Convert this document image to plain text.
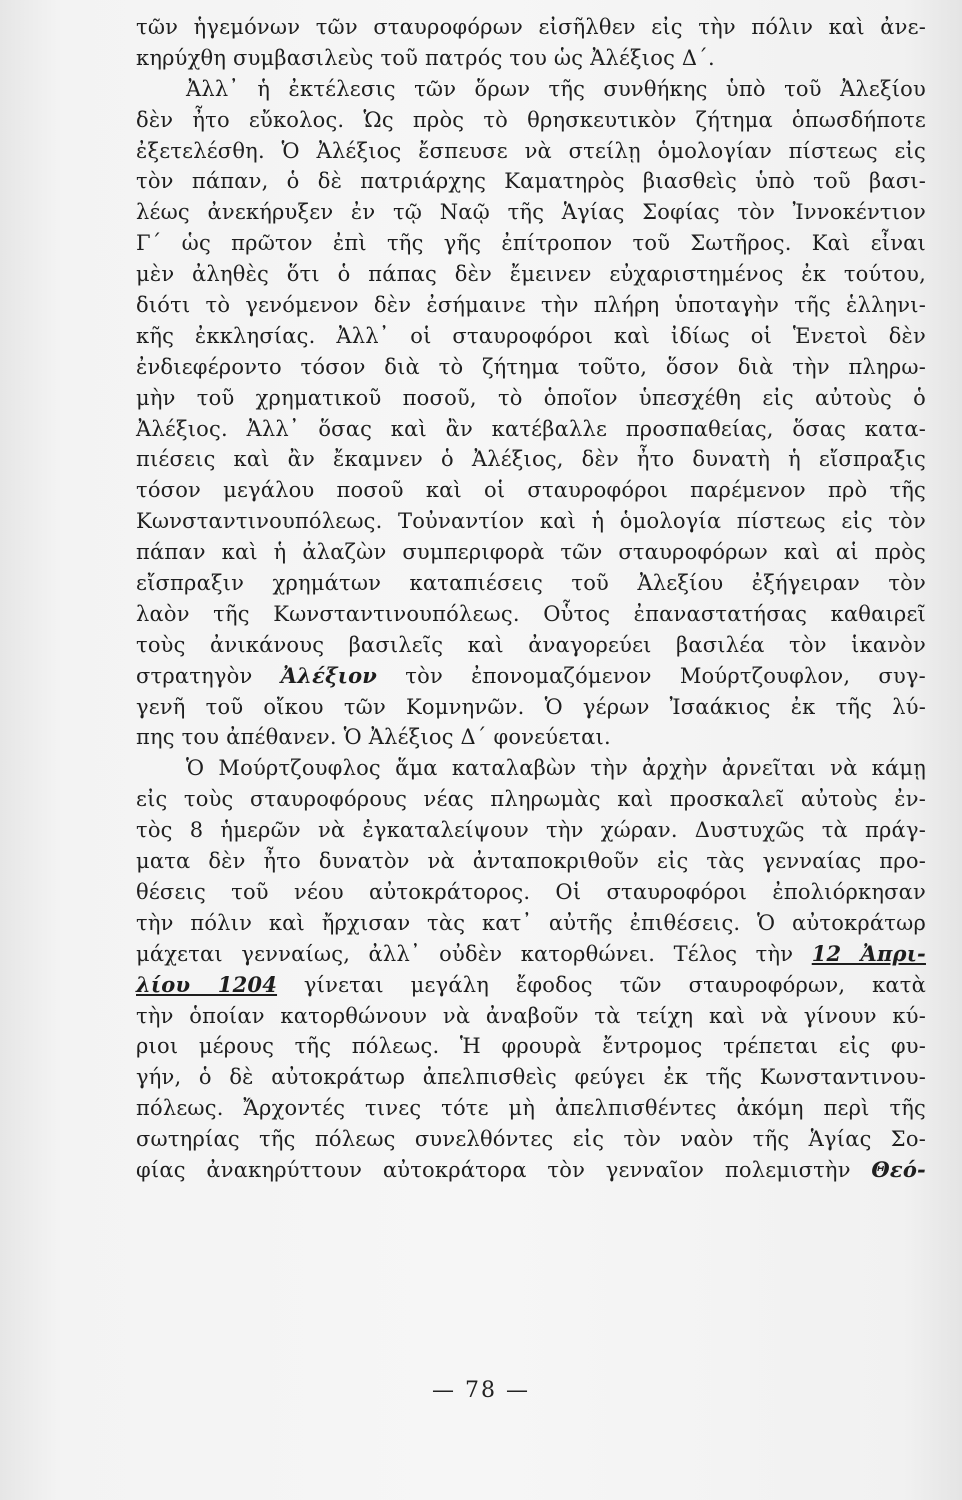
τῶν ἡγεμόνων τῶν σταυροφόρων εἰσῆλθεν εἰς τὴν πόλιν καὶ ἀνε-
κηρύχθη συμβασιλεὺς τοῦ πατρός του ὡς Ἀλέξιος Δ΄.
Ἀλλ᾽ ἡ ἐκτέλεσις τῶν ὅρων τῆς συνθήκης ὑπὸ τοῦ Ἀλεξίου
δὲν ἦτο εὔκολος. Ὡς πρὸς τὸ θρησκευτικὸν ζήτημα ὁπωσδήποτε
ἐξετελέσθη. Ὁ Ἀλέξιος ἔσπευσε νὰ στείλῃ ὁμολογίαν πίστεως εἰς
τὸν πάπαν, ὁ δὲ πατριάρχης Καματηρὸς βιασθεὶς ὑπὸ τοῦ βασι-
λέως ἀνεκήρυξεν ἐν τῷ Ναῷ τῆς Ἁγίας Σοφίας τὸν Ἰννοκέντιον
Γ΄ ὡς πρῶτον ἐπὶ τῆς γῆς ἐπίτροπον τοῦ Σωτῆρος. Καὶ εἶναι
μὲν ἀληθὲς ὅτι ὁ πάπας δὲν ἔμεινεν εὐχαριστημένος ἐκ τούτου,
διότι τὸ γενόμενον δὲν ἐσήμαινε τὴν πλήρη ὑποταγὴν τῆς ἑλληνι-
κῆς ἐκκλησίας. Ἀλλ᾽ οἱ σταυροφόροι καὶ ἰδίως οἱ Ἑνετοὶ δὲν
ἐνδιεφέροντο τόσον διὰ τὸ ζήτημα τοῦτο, ὅσον διὰ τὴν πληρω-
μὴν τοῦ χρηματικοῦ ποσοῦ, τὸ ὁποῖον ὑπεσχέθη εἰς αὐτοὺς ὁ
Ἀλέξιος. Ἀλλ᾽ ὅσας καὶ ἂν κατέβαλλε προσπαθείας, ὅσας κατα-
πιέσεις καὶ ἂν ἔκαμνεν ὁ Ἀλέξιος, δὲν ἦτο δυνατὴ ἡ εἴσπραξις
τόσον μεγάλου ποσοῦ καὶ οἱ σταυροφόροι παρέμενον πρὸ τῆς
Κωνσταντινουπόλεως. Τοὐναντίον καὶ ἡ ὁμολογία πίστεως εἰς τὸν
πάπαν καὶ ἡ ἀλαζὼν συμπεριφορὰ τῶν σταυροφόρων καὶ αἱ πρὸς
εἴσπραξιν χρημάτων καταπιέσεις τοῦ Ἀλεξίου ἐξήγειραν τὸν
λαὸν τῆς Κωνσταντινουπόλεως. Οὗτος ἐπαναστατήσας καθαιρεῖ
τοὺς ἀνικάνους βασιλεῖς καὶ ἀναγορεύει βασιλέα τὸν ἱκανὸν
στρατηγὸν Ἀλέξιον τὸν ἐπονομαζόμενον Μούρτζουφλον, συγ-
γενῆ τοῦ οἴκου τῶν Κομνηνῶν. Ὁ γέρων Ἰσαάκιος ἐκ τῆς λύ-
πης του ἀπέθανεν. Ὁ Ἀλέξιος Δ΄ φονεύεται.
Ὁ Μούρτζουφλος ἅμα καταλαβὼν τὴν ἀρχὴν ἀρνεῖται νὰ κάμῃ
εἰς τοὺς σταυροφόρους νέας πληρωμὰς καὶ προσκαλεῖ αὐτοὺς ἐν-
τὸς 8 ἡμερῶν νὰ ἐγκαταλείψουν τὴν χώραν. Δυστυχῶς τὰ πράγ-
ματα δὲν ἦτο δυνατὸν νὰ ἀνταποκριθοῦν εἰς τὰς γενναίας προ-
θέσεις τοῦ νέου αὐτοκράτορος. Οἱ σταυροφόροι ἐπολιόρκησαν
τὴν πόλιν καὶ ἤρχισαν τὰς κατ᾽ αὐτῆς ἐπιθέσεις. Ὁ αὐτοκράτωρ
μάχεται γενναίως, ἀλλ᾽ οὐδὲν κατορθώνει. Τέλος τὴν 12 Ἀπρι-
λίου 1204 γίνεται μεγάλη ἔφοδος τῶν σταυροφόρων, κατὰ
τὴν ὁποίαν κατορθώνουν νὰ ἀναβοῦν τὰ τείχη καὶ νὰ γίνουν κύ-
ριοι μέρους τῆς πόλεως. Ἡ φρουρὰ ἔντρομος τρέπεται εἰς φυ-
γήν, ὁ δὲ αὐτοκράτωρ ἀπελπισθεὶς φεύγει ἐκ τῆς Κωνσταντινου-
πόλεως. Ἄρχοντές τινες τότε μὴ ἀπελπισθέντες ἀκόμη περὶ τῆς
σωτηρίας τῆς πόλεως συνελθόντες εἰς τὸν ναὸν τῆς Ἁγίας Σο-
φίας ἀνακηρύττουν αὐτοκράτορα τὸν γενναῖον πολεμιστὴν Θεό-
— 78 —
